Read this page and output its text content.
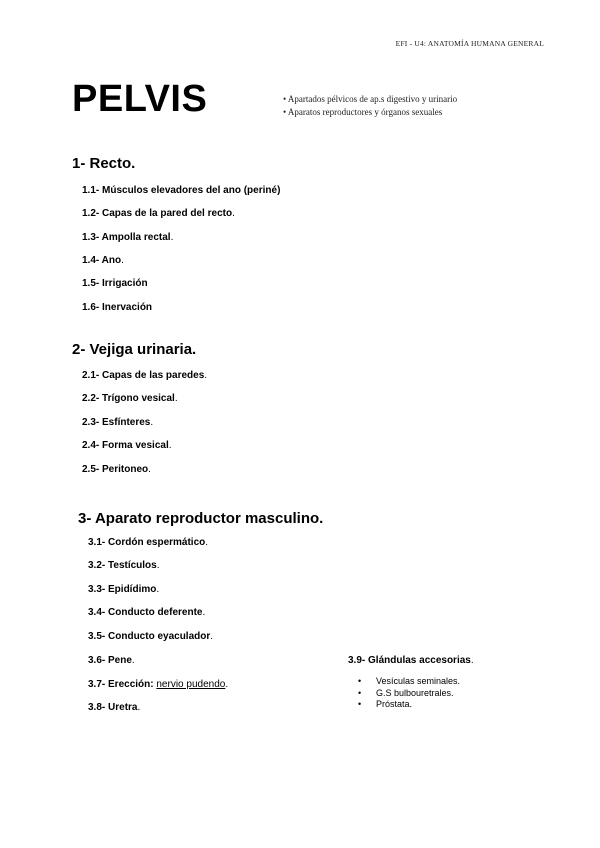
EFI - U4: ANATOMÍA HUMANA GENERAL
PELVIS	• Apartados pélvicos de ap.s digestivo y urinario
• Aparatos reproductores y órganos sexuales
1- Recto.
1.1- Músculos elevadores del ano (periné)
1.2- Capas de la pared del recto.
1.3- Ampolla rectal.
1.4- Ano.
1.5- Irrigación
1.6- Inervación
2- Vejiga urinaria.
2.1- Capas de las paredes.
2.2- Trígono vesical.
2.3- Esfínteres.
2.4- Forma vesical.
2.5- Peritoneo.
3- Aparato reproductor masculino.
3.1- Cordón espermático.
3.2- Testículos.
3.3- Epidídimo.
3.4- Conducto deferente.
3.5- Conducto eyaculador.
3.6- Pene.
3.7- Erección: nervio pudendo.
3.8- Uretra.
3.9- Glándulas accesorias.
• Vesículas seminales.
• G.S bulbouretrales.
• Próstata.
